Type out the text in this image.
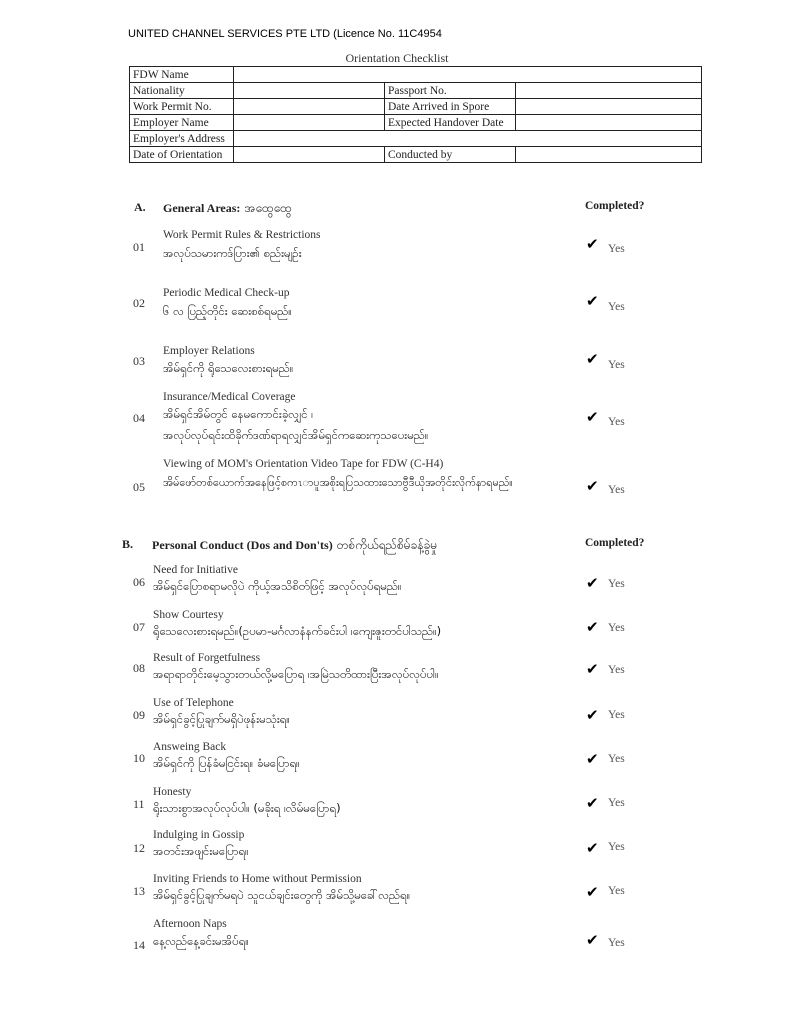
UNITED CHANNEL SERVICES PTE LTD (Licence No. 11C4954
Orientation Checklist
FDW Name			
Nationality		Passport No.	
Work Permit No.		Date Arrived in Spore	
Employer Name		Expected Handover Date	
Employer's Address			
Date of Orientation		Conducted by	
A. General Areas: အထွေထွေ	Completed?
01
Work Permit Rules & Restrictions
အလုပ်သမားကဒ်ပြား၏ စည်းမျဉ်း	✔ Yes
02
Periodic Medical Check-up
၆ လ ပြည့်တိုင်း ဆေးစစ်ရမည်။
✔ Yes
03
Employer Relations
အိမ်ရှင်ကို ရိုသေလေးစားရမည်။	✔ Yes
04
Insurance/Medical Coverage
အိမ်ရှင်အိမ်တွင် နေမကောင်းခဲ့လျှင် ၊
အလုပ်လုပ်ရင်းထိခိုက်ဒဏ်ရာရလျှင်အိမ်ရှင်ကဆေးကုသပေးမည်။
✔ Yes
05
Viewing of MOM's Orientation Video Tape for FDW (C-H4)
အိမ်ဖော်တစ်ယောက်အနေဖြင့်စကၤာပူအစိုးရပြသထားသောဗွီဒီယိုအတိုင်းလိုက်နာရမည်။	✔ Yes
B. Personal Conduct (Dos and Don'ts) တစ်ကိုယ်ရည်စိမ်ခန့်ခွဲမှု	Completed?
06
Need for Initiative
အိမ်ရှင်ပြောစရာမလိုပဲ ကိုယ့်အသိစိတ်ဖြင့် အလုပ်လုပ်ရမည်။	✔ Yes
07
Show Courtesy
ရိုသေလေးစားရမည်။(ဥပမာ-မင်္ဂလာနံနက်ခင်းပါ ၊ကျေးဇူးတင်ပါသည်။)	✔ Yes
08
Result of Forgetfulness
အရာရာတိုင်းမေ့သွားတယ်လို့မပြောရ ၊အမြဲသတိထားပြီးအလုပ်လုပ်ပါ။	✔ Yes
09
Use of Telephone
အိမ်ရှင်ခွင့်ပြုချက်မရှိပဲဖုန်းမသုံးရ။	✔ Yes
10
Answeing Back
အိမ်ရှင်ကို ပြန်ခံမငြင်းရ။ ခံမပြောရ။	✔ Yes
11
Honesty
ရိုးသားစွာအလုပ်လုပ်ပါ။ (မခိုးရ ၊လိမ်မပြောရ)	✔ Yes
12
Indulging in Gossip
အတင်းအဖျင်းမပြောရ။	✔ Yes
13
Inviting Friends to Home without Permission
အိမ်ရှင်ခွင့်ပြုချက်မရပဲ သူငယ်ချင်းတွေကို အိမ်သို့မခေါ်လည်ရ။	✔ Yes
14
Afternoon Naps
နေ့လည်နေ့ခင်းမအိပ်ရ။	✔ Yes
